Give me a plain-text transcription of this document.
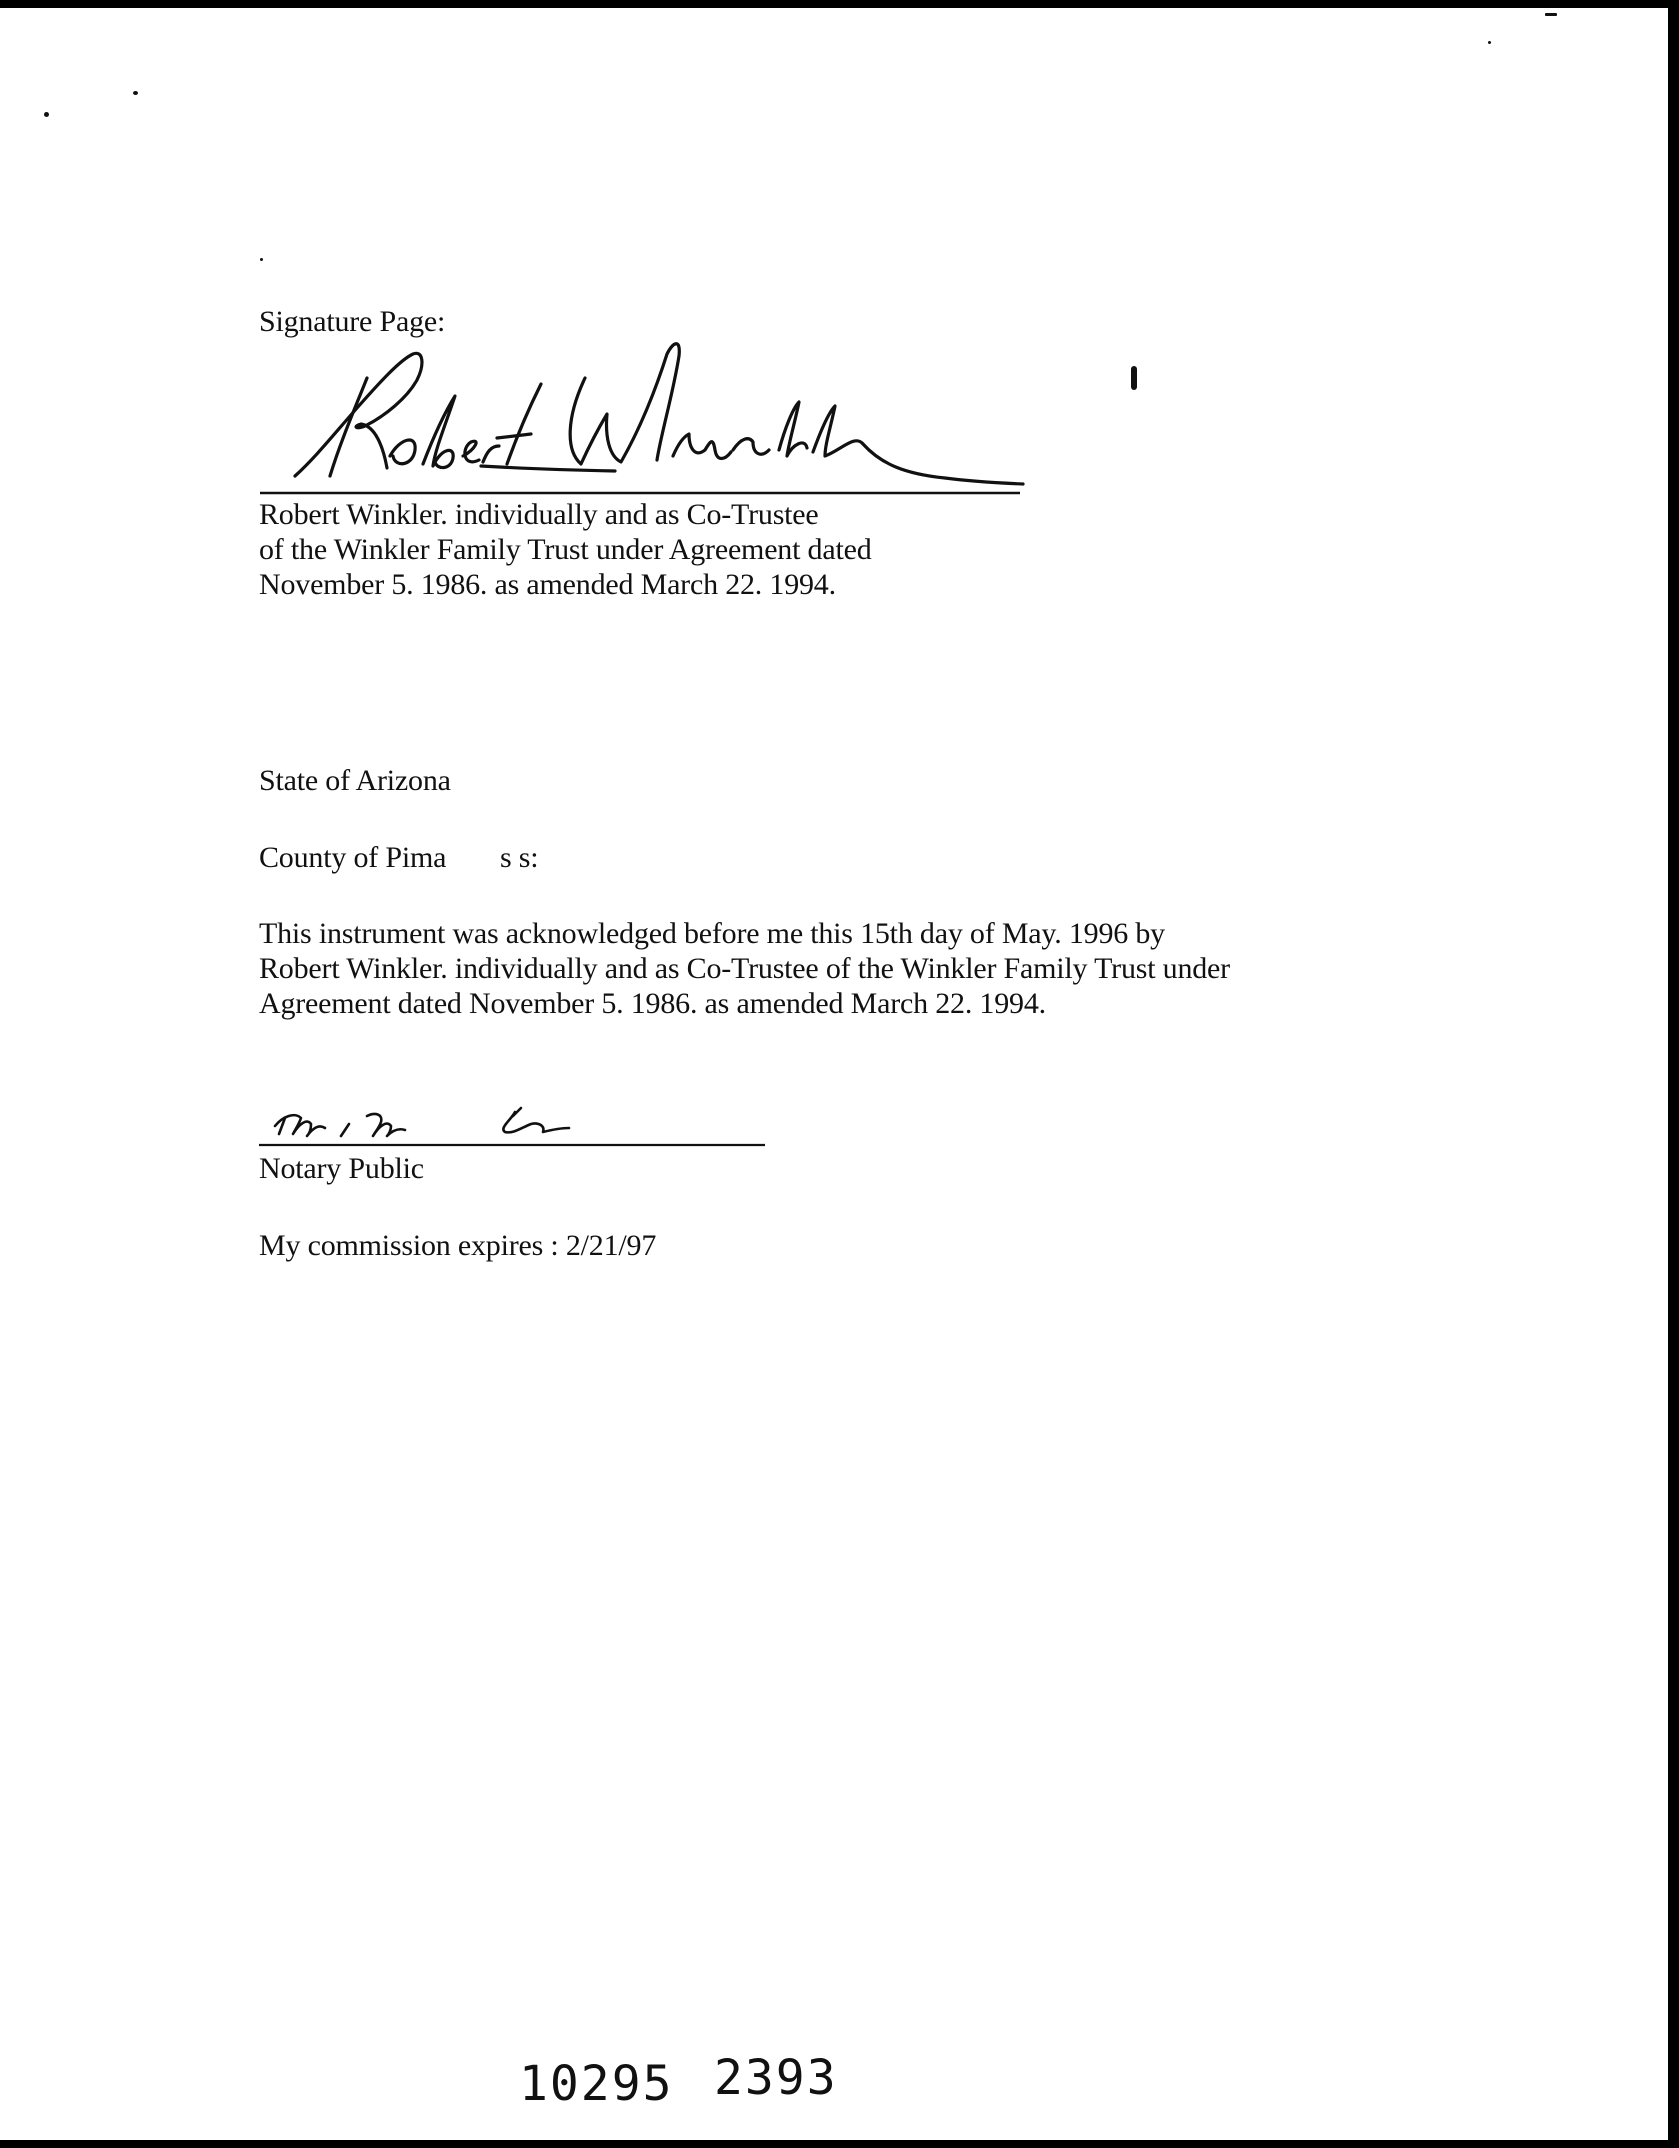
Signature Page:
Robert Winkler. individually and as Co-Trustee
of the Winkler Family Trust under Agreement dated
November 5. 1986. as amended March 22. 1994.
State of Arizona
County of Pima s s:
This instrument was acknowledged before me this 15th day of May. 1996 by
Robert Winkler. individually and as Co-Trustee of the Winkler Family Trust under
Agreement dated November 5. 1986. as amended March 22. 1994.
Notary Public
My commission expires : 2/21/97
10295 2393
